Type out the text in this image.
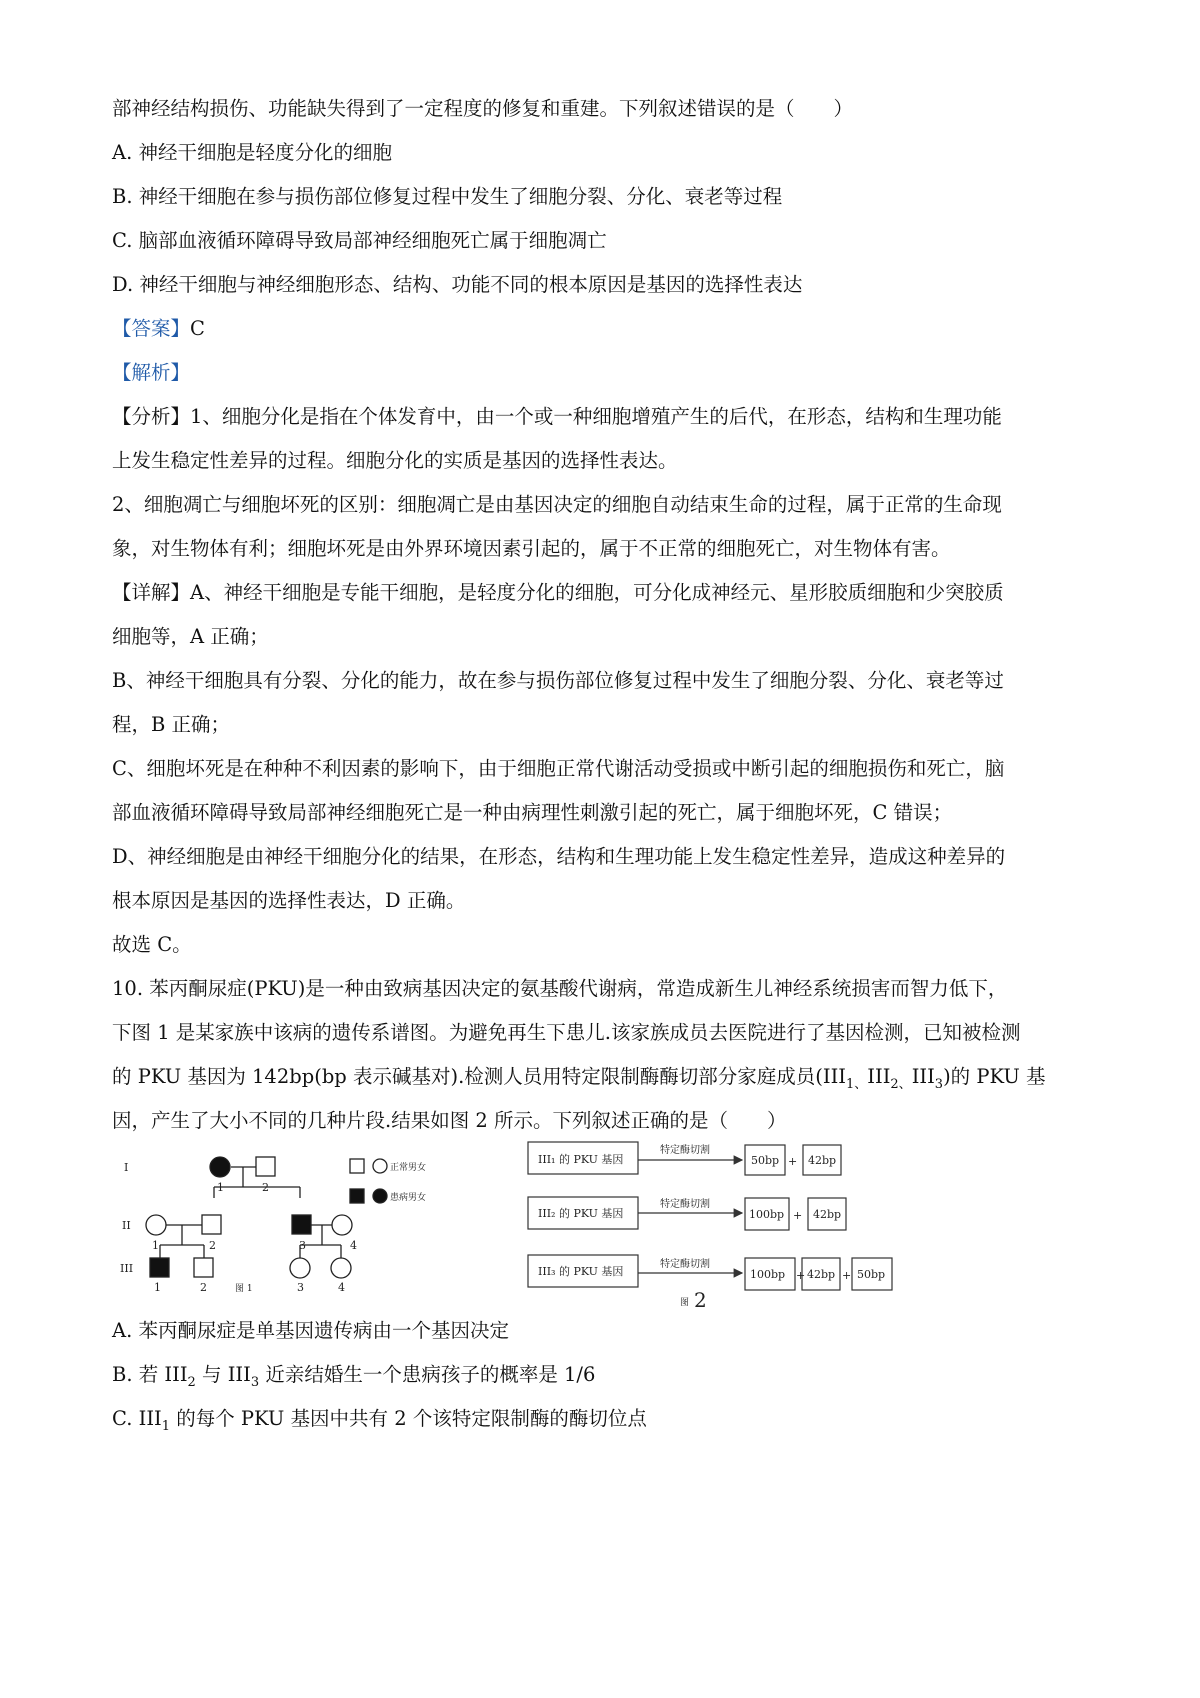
部神经结构损伤、功能缺失得到了一定程度的修复和重建。下列叙述错误的是（　　）
A. 神经干细胞是轻度分化的细胞
B. 神经干细胞在参与损伤部位修复过程中发生了细胞分裂、分化、衰老等过程
C. 脑部血液循环障碍导致局部神经细胞死亡属于细胞凋亡
D. 神经干细胞与神经细胞形态、结构、功能不同的根本原因是基因的选择性表达
【答案】C
【解析】
【分析】1、细胞分化是指在个体发育中，由一个或一种细胞增殖产生的后代，在形态，结构和生理功能
上发生稳定性差异的过程。细胞分化的实质是基因的选择性表达。
2、细胞凋亡与细胞坏死的区别：细胞凋亡是由基因决定的细胞自动结束生命的过程，属于正常的生命现
象，对生物体有利；细胞坏死是由外界环境因素引起的，属于不正常的细胞死亡，对生物体有害。
【详解】A、神经干细胞是专能干细胞，是轻度分化的细胞，可分化成神经元、星形胶质细胞和少突胶质
细胞等，A 正确；
B、神经干细胞具有分裂、分化的能力，故在参与损伤部位修复过程中发生了细胞分裂、分化、衰老等过
程，B 正确；
C、细胞坏死是在种种不利因素的影响下，由于细胞正常代谢活动受损或中断引起的细胞损伤和死亡，脑
部血液循环障碍导致局部神经细胞死亡是一种由病理性刺激引起的死亡，属于细胞坏死，C 错误；
D、神经细胞是由神经干细胞分化的结果，在形态，结构和生理功能上发生稳定性差异，造成这种差异的
根本原因是基因的选择性表达，D 正确。
故选 C。
10. 苯丙酮尿症(PKU)是一种由致病基因决定的氨基酸代谢病，常造成新生儿神经系统损害而智力低下，
下图 1 是某家族中该病的遗传系谱图。为避免再生下患儿.该家族成员去医院进行了基因检测，已知被检测
的 PKU 基因为 142bp(bp 表示碱基对).检测人员用特定限制酶酶切部分家庭成员$(III_{1、}III_{2、}III_3)$的 PKU 基
因，产生了大小不同的几种片段.结果如图 2 所示。下列叙述正确的是（　　）
I
II
III
1	2
1	2	3	4
1	2	3	4
图 1
正常男女
患病男女
III₁ 的 PKU 基因
特定酶切割
50bp + 42bp
III₂ 的 PKU 基因
特定酶切割
100bp + 42bp
III₃ 的 PKU 基因
特定酶切割
100bp + 42bp + 50bp
图 2
A. 苯丙酮尿症是单基因遗传病由一个基因决定
B. 若 $III_2$ 与 $III_3$ 近亲结婚生一个患病孩子的概率是 1/6
C. $III_1$ 的每个 PKU 基因中共有 2 个该特定限制酶的酶切位点
